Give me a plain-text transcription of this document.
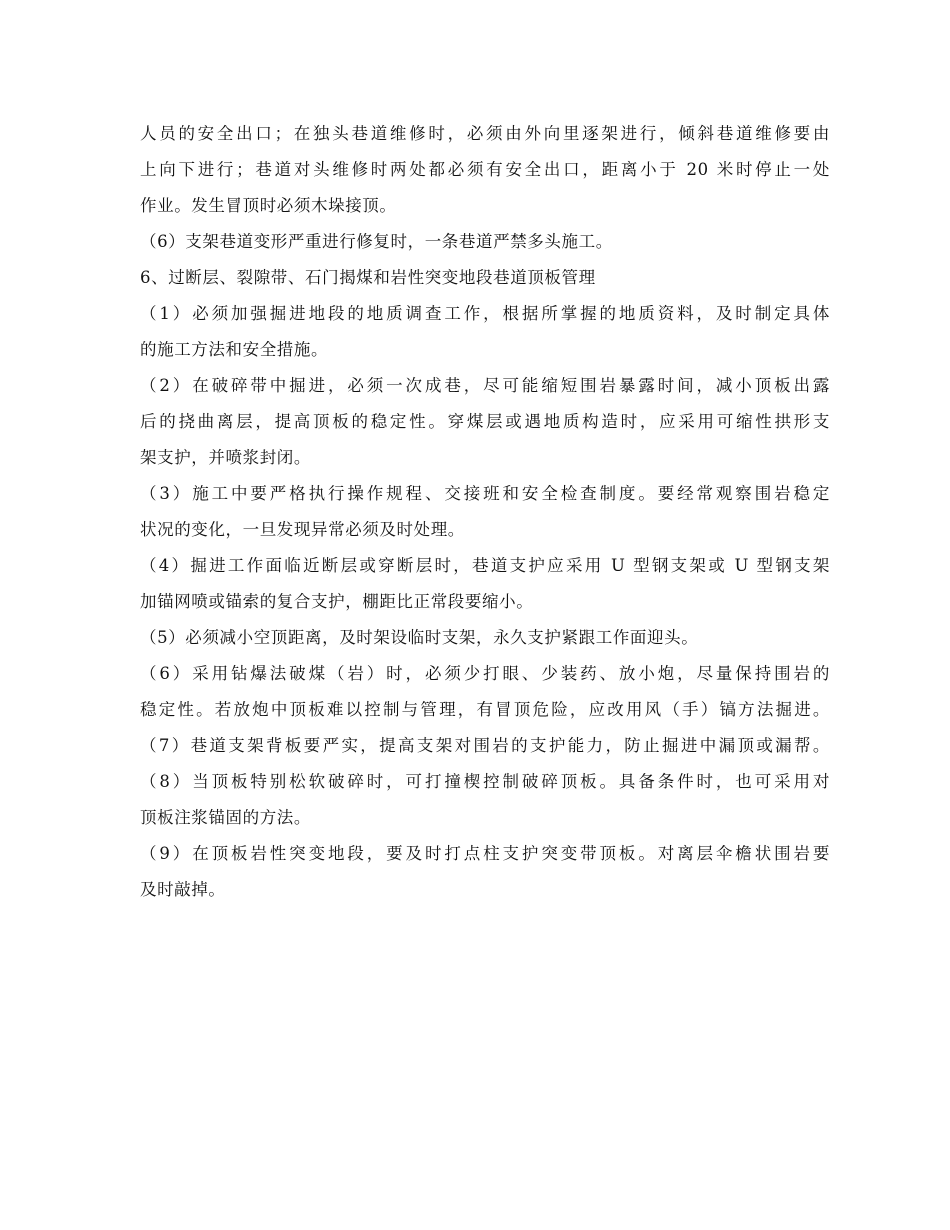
人员的安全出口；在独头巷道维修时，必须由外向里逐架进行，倾斜巷道维修要由
上向下进行；巷道对头维修时两处都必须有安全出口，距离小于 20 米时停止一处
作业。发生冒顶时必须木垛接顶。
（6）支架巷道变形严重进行修复时，一条巷道严禁多头施工。
6、过断层、裂隙带、石门揭煤和岩性突变地段巷道顶板管理
（1）必须加强掘进地段的地质调查工作，根据所掌握的地质资料，及时制定具体
的施工方法和安全措施。
（2）在破碎带中掘进，必须一次成巷，尽可能缩短围岩暴露时间，减小顶板出露
后的挠曲离层，提高顶板的稳定性。穿煤层或遇地质构造时，应采用可缩性拱形支
架支护，并喷浆封闭。
（3）施工中要严格执行操作规程、交接班和安全检查制度。要经常观察围岩稳定
状况的变化，一旦发现异常必须及时处理。
（4）掘进工作面临近断层或穿断层时，巷道支护应采用 U 型钢支架或 U 型钢支架
加锚网喷或锚索的复合支护，棚距比正常段要缩小。
（5）必须减小空顶距离，及时架设临时支架，永久支护紧跟工作面迎头。
（6）采用钻爆法破煤（岩）时，必须少打眼、少装药、放小炮，尽量保持围岩的
稳定性。若放炮中顶板难以控制与管理，有冒顶危险，应改用风（手）镐方法掘进。
（7）巷道支架背板要严实，提高支架对围岩的支护能力，防止掘进中漏顶或漏帮。
（8）当顶板特别松软破碎时，可打撞楔控制破碎顶板。具备条件时，也可采用对
顶板注浆锚固的方法。
（9）在顶板岩性突变地段，要及时打点柱支护突变带顶板。对离层伞檐状围岩要
及时敲掉。
